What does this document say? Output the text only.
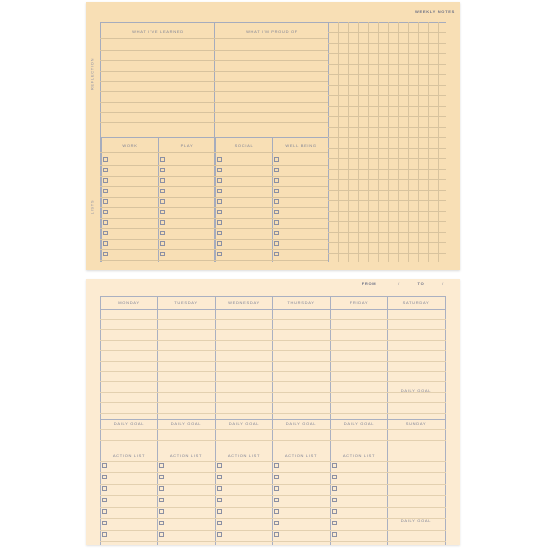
WEEKLY NOTES
REFLECTION
LISTS
WHAT I'VE LEARNED	WHAT I'M PROUD OF
WORK	PLAY	SOCIAL	WELL BEING
FROM	/	TO	/
MONDAY	TUESDAY	WEDNESDAY	THURSDAY	FRIDAY	SATURDAY
DAILY GOAL
DAILY GOAL	DAILY GOAL	DAILY GOAL	DAILY GOAL	DAILY GOAL	SUNDAY
ACTION LIST	ACTION LIST	ACTION LIST	ACTION LIST	ACTION LIST
DAILY GOAL
